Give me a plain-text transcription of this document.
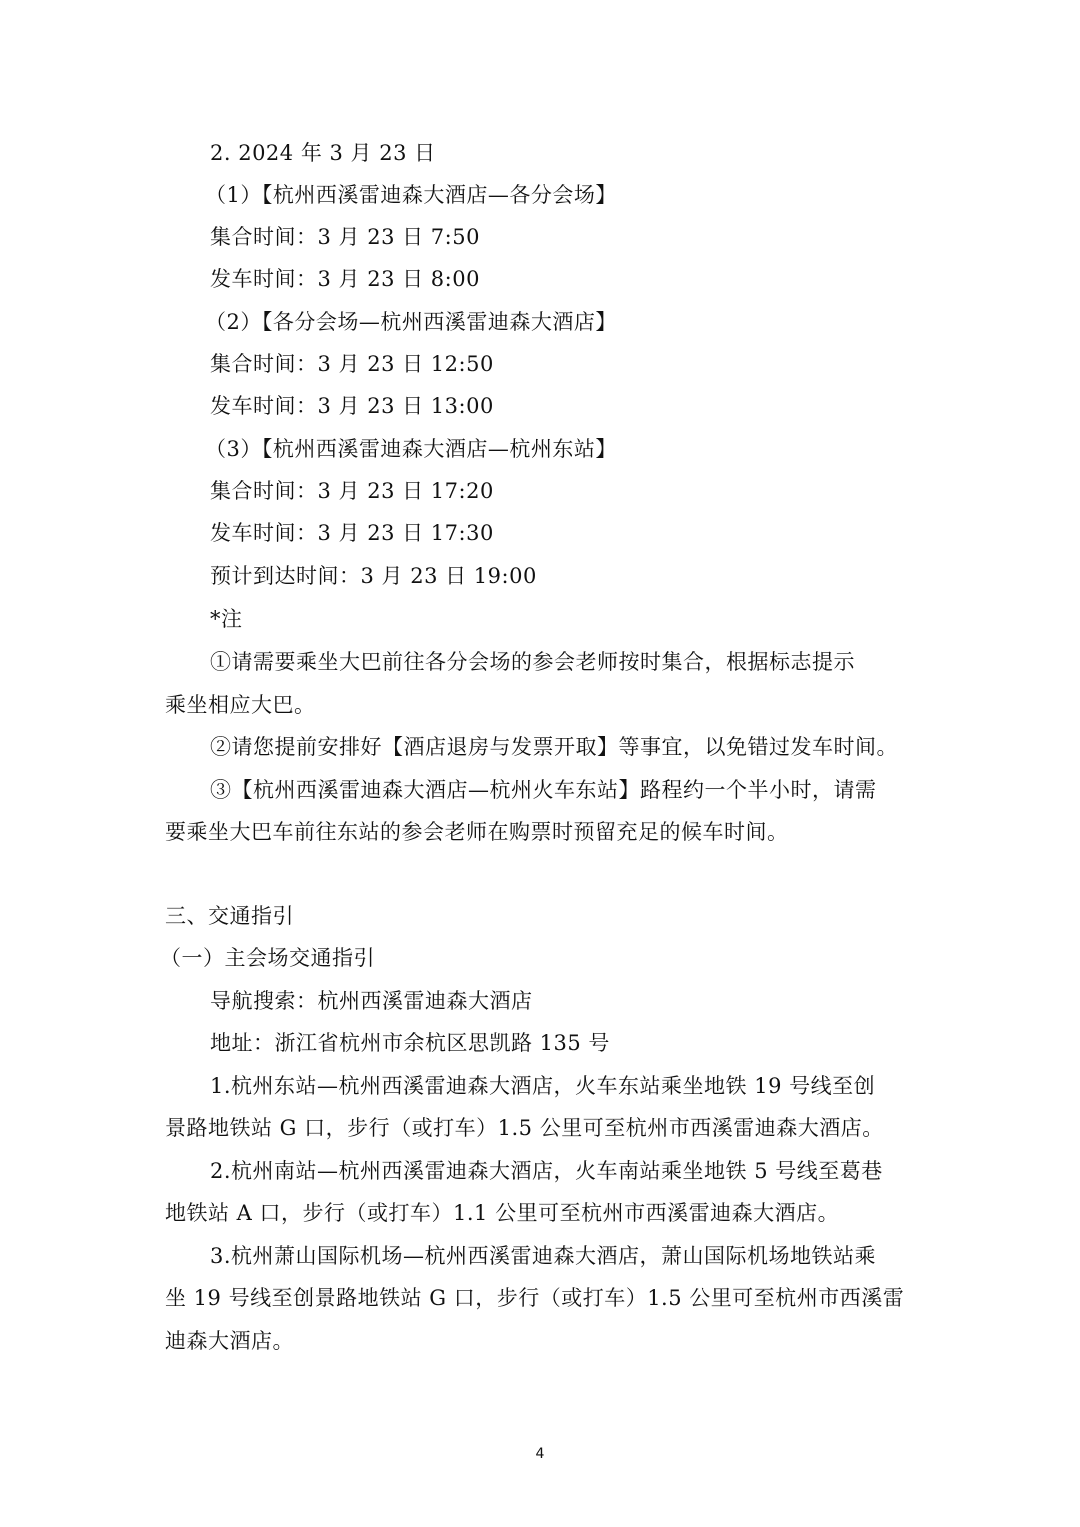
2. 2024 年 3 月 23 日
（1）【杭州西溪雷迪森大酒店—各分会场】
集合时间：3 月 23 日 7:50
发车时间：3 月 23 日 8:00
（2）【各分会场—杭州西溪雷迪森大酒店】
集合时间：3 月 23 日 12:50
发车时间：3 月 23 日 13:00
（3）【杭州西溪雷迪森大酒店—杭州东站】
集合时间：3 月 23 日 17:20
发车时间：3 月 23 日 17:30
预计到达时间：3 月 23 日 19:00
*注
①请需要乘坐大巴前往各分会场的参会老师按时集合，根据标志提示
乘坐相应大巴。
②请您提前安排好【酒店退房与发票开取】等事宜，以免错过发车时间。
③【杭州西溪雷迪森大酒店—杭州火车东站】路程约一个半小时，请需
要乘坐大巴车前往东站的参会老师在购票时预留充足的候车时间。
三、交通指引
（一）主会场交通指引
导航搜索：杭州西溪雷迪森大酒店
地址：浙江省杭州市余杭区思凯路 135 号
1.杭州东站—杭州西溪雷迪森大酒店，火车东站乘坐地铁 19 号线至创
景路地铁站 G 口，步行（或打车）1.5 公里可至杭州市西溪雷迪森大酒店。
2.杭州南站—杭州西溪雷迪森大酒店，火车南站乘坐地铁 5 号线至葛巷
地铁站 A 口，步行（或打车）1.1 公里可至杭州市西溪雷迪森大酒店。
3.杭州萧山国际机场—杭州西溪雷迪森大酒店，萧山国际机场地铁站乘
坐 19 号线至创景路地铁站 G 口，步行（或打车）1.5 公里可至杭州市西溪雷
迪森大酒店。
4
